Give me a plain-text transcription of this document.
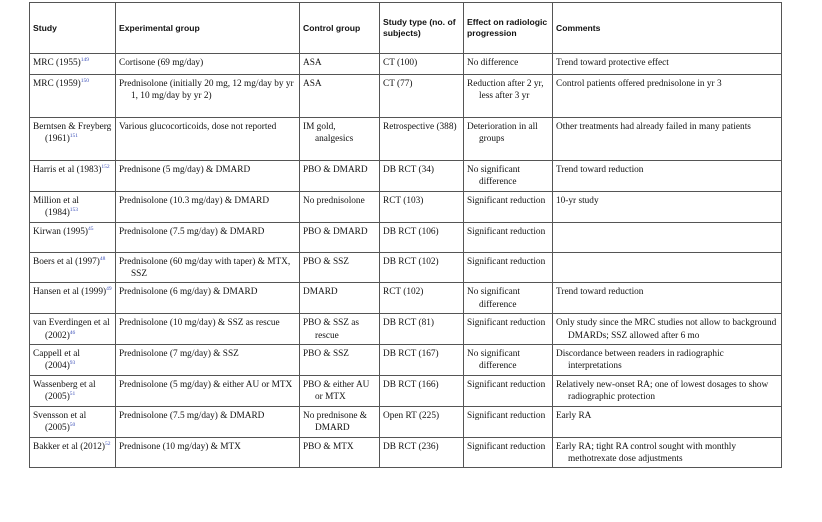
Study	Experimental group	Control group	Study type (no. of subjects)	Effect on radiologic progression	Comments

MRC $(1955)^{149}$	Cortisone (69 mg/day)	ASA	CT (100)	No difference	Trend toward protective effect

MRC $(1959)^{150}$	Prednisolone (initially 20 mg, 12 mg/day by yr 1, 10 mg/day by yr 2)	ASA	CT (77)	Reduction after 2 yr, less after 3 yr	Control patients offered prednisolone in yr 3

Berntsen & Freyberg $(1961)^{151}$	Various glucocorticoids, dose not reported	IM gold, analgesics	Retrospective (388)	Deterioration in all groups	Other treatments had already failed in many patients

Harris et al $(1983)^{152}$	Prednisone (5 mg/day) & DMARD	PBO & DMARD	DB RCT (34)	No significant difference	Trend toward reduction

Million et al $(1984)^{153}$	Prednisolone (10.3 mg/day) & DMARD	No prednisolone	RCT (103)	Significant reduction	10-yr study

Kirwan $(1995)^{45}$	Prednisolone (7.5 mg/day) & DMARD	PBO & DMARD	DB RCT (106)	Significant reduction	

Boers et al $(1997)^{48}$	Prednisolone (60 mg/day with taper) & MTX, SSZ	PBO & SSZ	DB RCT (102)	Significant reduction	

Hansen et al $(1999)^{49}$	Prednisolone (6 mg/day) & DMARD	DMARD	RCT (102)	No significant difference	Trend toward reduction

van Everdingen et al $(2002)^{46}$	Prednisolone (10 mg/day) & SSZ as rescue	PBO & SSZ as rescue	DB RCT (81)	Significant reduction	Only study since the MRC studies not allow to background DMARDs; SSZ allowed after 6 mo

Cappell et al $(2004)^{93}$	Prednisolone (7 mg/day) & SSZ	PBO & SSZ	DB RCT (167)	No significant difference	Discordance between readers in radiographic interpretations

Wassenberg et al $(2005)^{51}$	Prednisolone (5 mg/day) & either AU or MTX	PBO & either AU or MTX	DB RCT (166)	Significant reduction	Relatively new-onset RA; one of lowest dosages to show radiographic protection

Svensson et al $(2005)^{50}$	Prednisolone (7.5 mg/day) & DMARD	No prednisone & DMARD	Open RT (225)	Significant reduction	Early RA

Bakker et al $(2012)^{52}$	Prednisone (10 mg/day) & MTX	PBO & MTX	DB RCT (236)	Significant reduction	Early RA; tight RA control sought with monthly methotrexate dose adjustments
